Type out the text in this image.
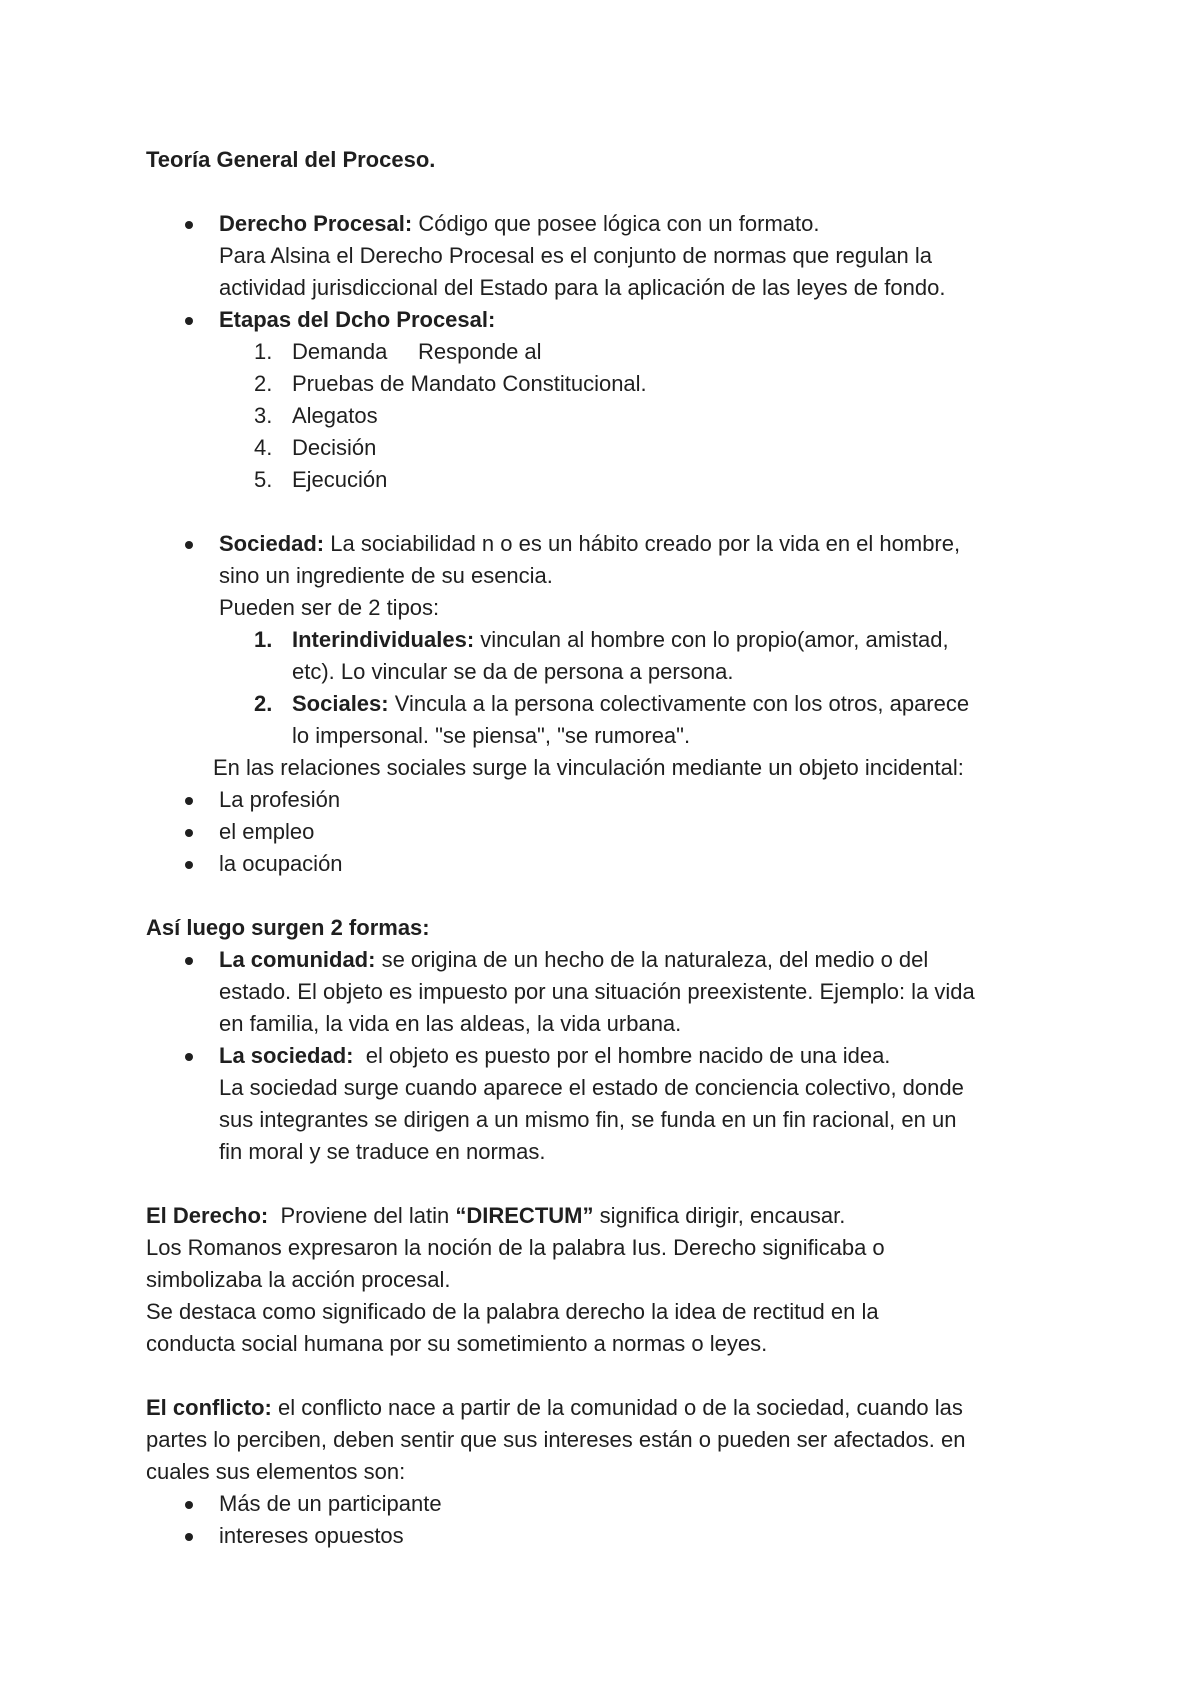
Teoría General del Proceso.

Derecho Procesal: Código que posee lógica con un formato.

Para Alsina el Derecho Procesal es el conjunto de normas que regulan la

actividad jurisdiccional del Estado para la aplicación de las leyes de fondo.

Etapas del Dcho Procesal:

1. Demanda Responde al

2. Pruebas de Mandato Constitucional.

3. Alegatos

4. Decisión

5. Ejecución

Sociedad: La sociabilidad n o es un hábito creado por la vida en el hombre,

sino un ingrediente de su esencia.

Pueden ser de 2 tipos:

1. Interindividuales: vinculan al hombre con lo propio(amor, amistad,

etc). Lo vincular se da de persona a persona.

2. Sociales: Vincula a la persona colectivamente con los otros, aparece

lo impersonal. "se piensa", "se rumorea".

En las relaciones sociales surge la vinculación mediante un objeto incidental:

La profesión

el empleo

la ocupación

Así luego surgen 2 formas:

La comunidad: se origina de un hecho de la naturaleza, del medio o del

estado. El objeto es impuesto por una situación preexistente. Ejemplo: la vida

en familia, la vida en las aldeas, la vida urbana.

La sociedad:  el objeto es puesto por el hombre nacido de una idea.

La sociedad surge cuando aparece el estado de conciencia colectivo, donde

sus integrantes se dirigen a un mismo fin, se funda en un fin racional, en un

fin moral y se traduce en normas.

El Derecho:  Proviene del latin “DIRECTUM” significa dirigir, encausar.

Los Romanos expresaron la noción de la palabra Ius. Derecho significaba o

simbolizaba la acción procesal.

Se destaca como significado de la palabra derecho la idea de rectitud en la

conducta social humana por su sometimiento a normas o leyes.

El conflicto: el conflicto nace a partir de la comunidad o de la sociedad, cuando las

partes lo perciben, deben sentir que sus intereses están o pueden ser afectados. en

cuales sus elementos son:

Más de un participante

intereses opuestos
